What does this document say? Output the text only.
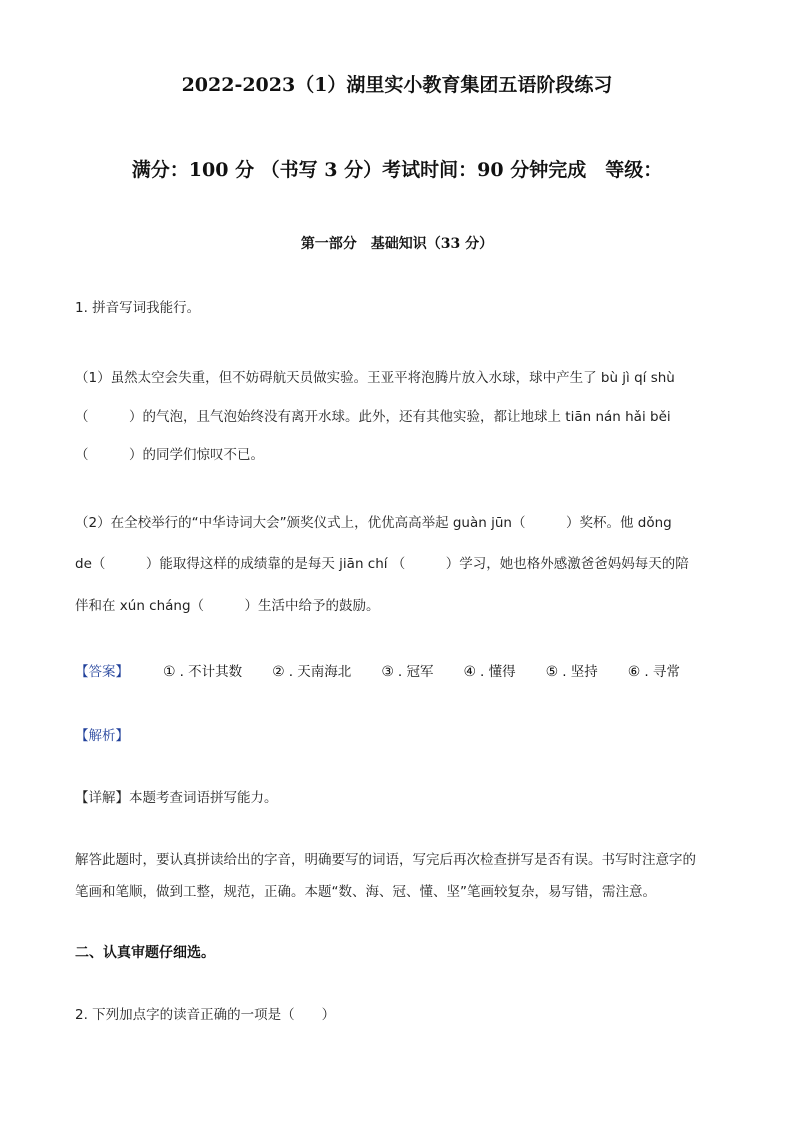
2022-2023（1）湖里实小教育集团五语阶段练习
满分：100 分 （书写 3 分）考试时间：90 分钟完成　等级：
第一部分　基础知识（33 分）
1. 拼音写词我能行。
（1）虽然太空会失重，但不妨碍航天员做实验。王亚平将泡腾片放入水球，球中产生了 bù jì qí shù
（　　　）的气泡，且气泡始终没有离开水球。此外，还有其他实验，都让地球上 tiān nán hǎi běi
（　　　）的同学们惊叹不已。
（2）在全校举行的“中华诗词大会”颁奖仪式上，优优高高举起 guàn jūn（　　　）奖杯。他 dǒng
de（　　　）能取得这样的成绩靠的是每天 jiān chí （　　　）学习，她也格外感激爸爸妈妈每天的陪
伴和在 xún cháng（　　　）生活中给予的鼓励。
【答案】 ① . 不计其数 ② . 天南海北 ③ . 冠军 ④ . 懂得 ⑤ . 坚持 ⑥ . 寻常
【解析】
【详解】本题考查词语拼写能力。
解答此题时，要认真拼读给出的字音，明确要写的词语，写完后再次检查拼写是否有误。书写时注意字的
笔画和笔顺，做到工整，规范，正确。本题“数、海、冠、懂、坚”笔画较复杂，易写错，需注意。
二、认真审题仔细选。
2. 下列加点字的读音正确的一项是（　　）
